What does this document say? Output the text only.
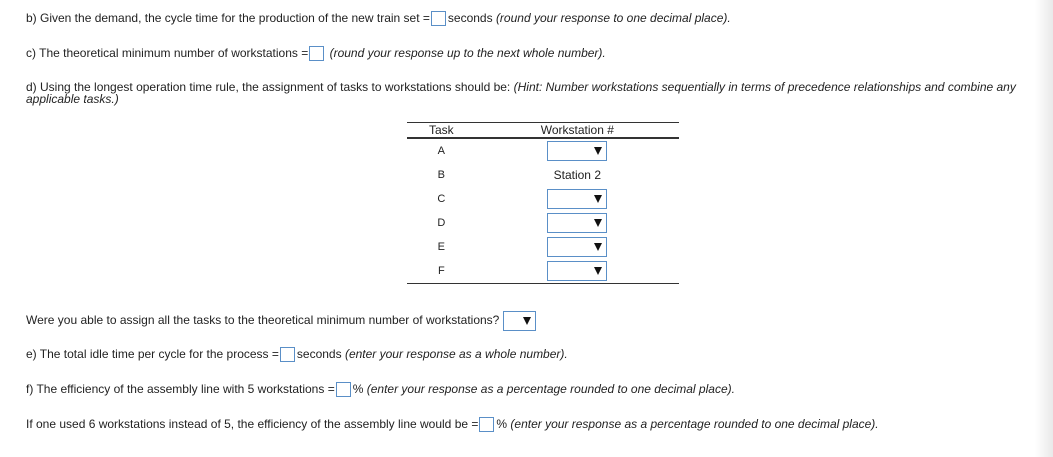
b) Given the demand, the cycle time for the production of the new train set = seconds (round your response to one decimal place).
c) The theoretical minimum number of workstations = (round your response up to the next whole number).
d) Using the longest operation time rule, the assignment of tasks to workstations should be: (Hint: Number workstations sequentially in terms of precedence relationships and combine any applicable tasks.)
Task	Workstation #
A	

B	Station 2
C	

D	

E	

F	
Were you able to assign all the tasks to the theoretical minimum number of workstations?
e) The total idle time per cycle for the process = seconds (enter your response as a whole number).
f) The efficiency of the assembly line with 5 workstations = % (enter your response as a percentage rounded to one decimal place).
If one used 6 workstations instead of 5, the efficiency of the assembly line would be = % (enter your response as a percentage rounded to one decimal place).
